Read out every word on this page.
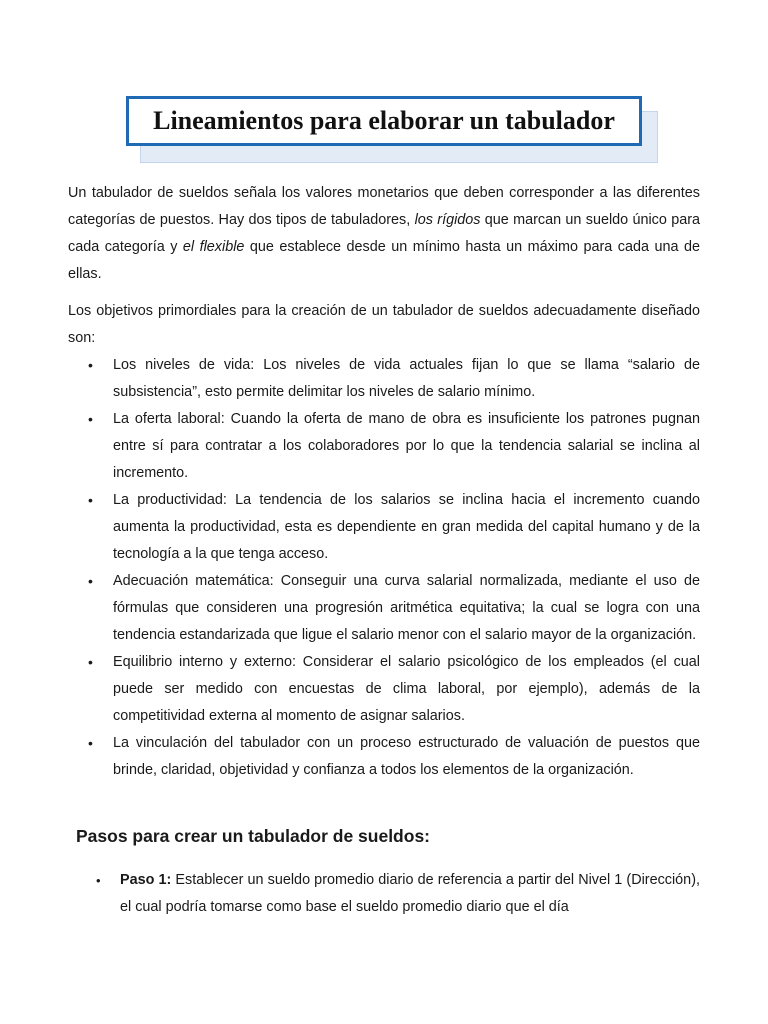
Lineamientos para elaborar un tabulador

Un tabulador de sueldos señala los valores monetarios que deben corresponder a las diferentes categorías de puestos. Hay dos tipos de tabuladores, los rígidos que marcan un sueldo único para cada categoría y el flexible que establece desde un mínimo hasta un máximo para cada una de ellas.

Los objetivos primordiales para la creación de un tabulador de sueldos adecuadamente diseñado son:

• Los niveles de vida: Los niveles de vida actuales fijan lo que se llama “salario de subsistencia”, esto permite delimitar los niveles de salario mínimo.
• La oferta laboral: Cuando la oferta de mano de obra es insuficiente los patrones pugnan entre sí para contratar a los colaboradores por lo que la tendencia salarial se inclina al incremento.
• La productividad: La tendencia de los salarios se inclina hacia el incremento cuando aumenta la productividad, esta es dependiente en gran medida del capital humano y de la tecnología a la que tenga acceso.
• Adecuación matemática: Conseguir una curva salarial normalizada, mediante el uso de fórmulas que consideren una progresión aritmética equitativa; la cual se logra con una tendencia estandarizada que ligue el salario menor con el salario mayor de la organización.
• Equilibrio interno y externo: Considerar el salario psicológico de los empleados (el cual puede ser medido con encuestas de clima laboral, por ejemplo), además de la competitividad externa al momento de asignar salarios.
• La vinculación del tabulador con un proceso estructurado de valuación de puestos que brinde, claridad, objetividad y confianza a todos los elementos de la organización.
Pasos para crear un tabulador de sueldos:
• Paso 1: Establecer un sueldo promedio diario de referencia a partir del Nivel 1 (Dirección), el cual podría tomarse como base el sueldo promedio diario que el día
